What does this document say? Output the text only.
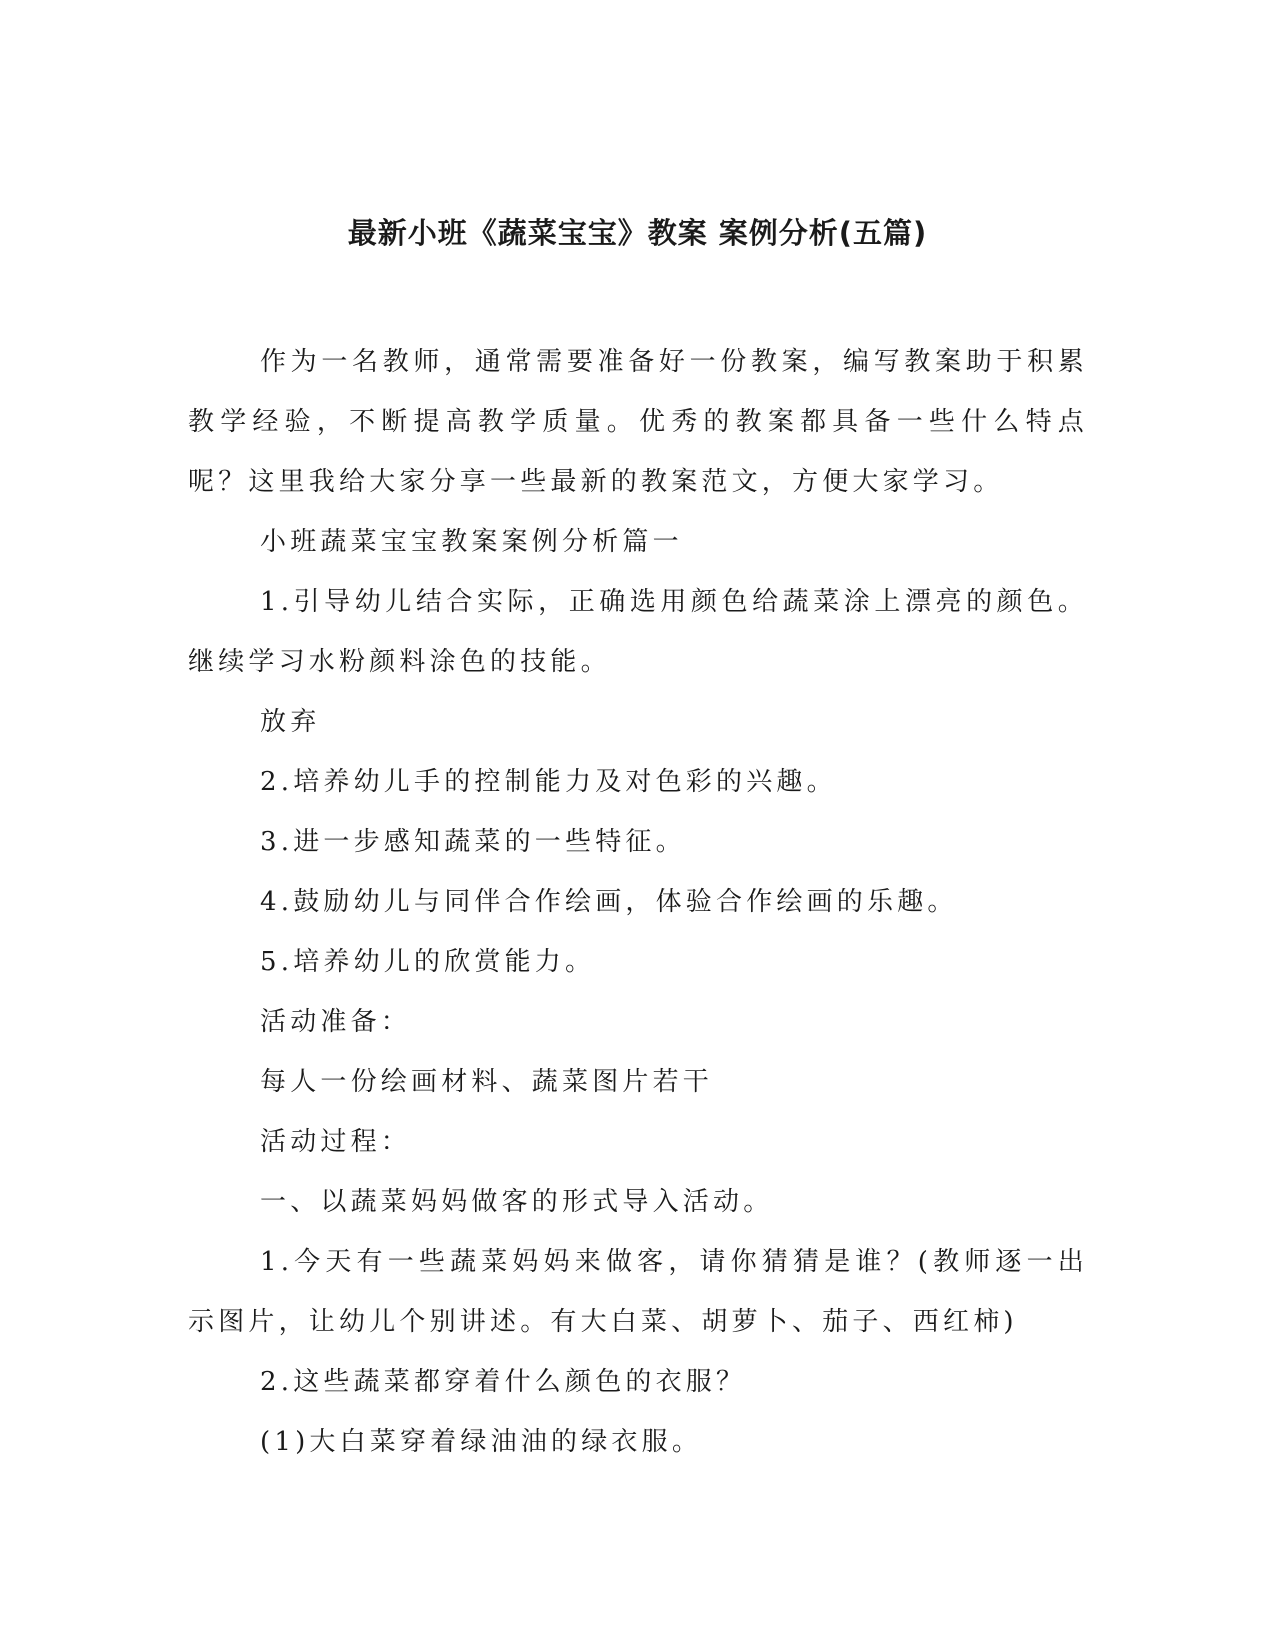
最新小班《蔬菜宝宝》教案 案例分析(五篇)

作为一名教师，通常需要准备好一份教案，编写教案助于积累教学经验，不断提高教学质量。优秀的教案都具备一些什么特点呢？这里我给大家分享一些最新的教案范文，方便大家学习。

小班蔬菜宝宝教案案例分析篇一

1.引导幼儿结合实际，正确选用颜色给蔬菜涂上漂亮的颜色。继续学习水粉颜料涂色的技能。

放弃

2.培养幼儿手的控制能力及对色彩的兴趣。

3.进一步感知蔬菜的一些特征。

4.鼓励幼儿与同伴合作绘画，体验合作绘画的乐趣。

5.培养幼儿的欣赏能力。

活动准备：

每人一份绘画材料、蔬菜图片若干

活动过程：

一、以蔬菜妈妈做客的形式导入活动。

1.今天有一些蔬菜妈妈来做客，请你猜猜是谁？(教师逐一出示图片，让幼儿个别讲述。有大白菜、胡萝卜、茄子、西红柿)

2.这些蔬菜都穿着什么颜色的衣服？

(1)大白菜穿着绿油油的绿衣服。
